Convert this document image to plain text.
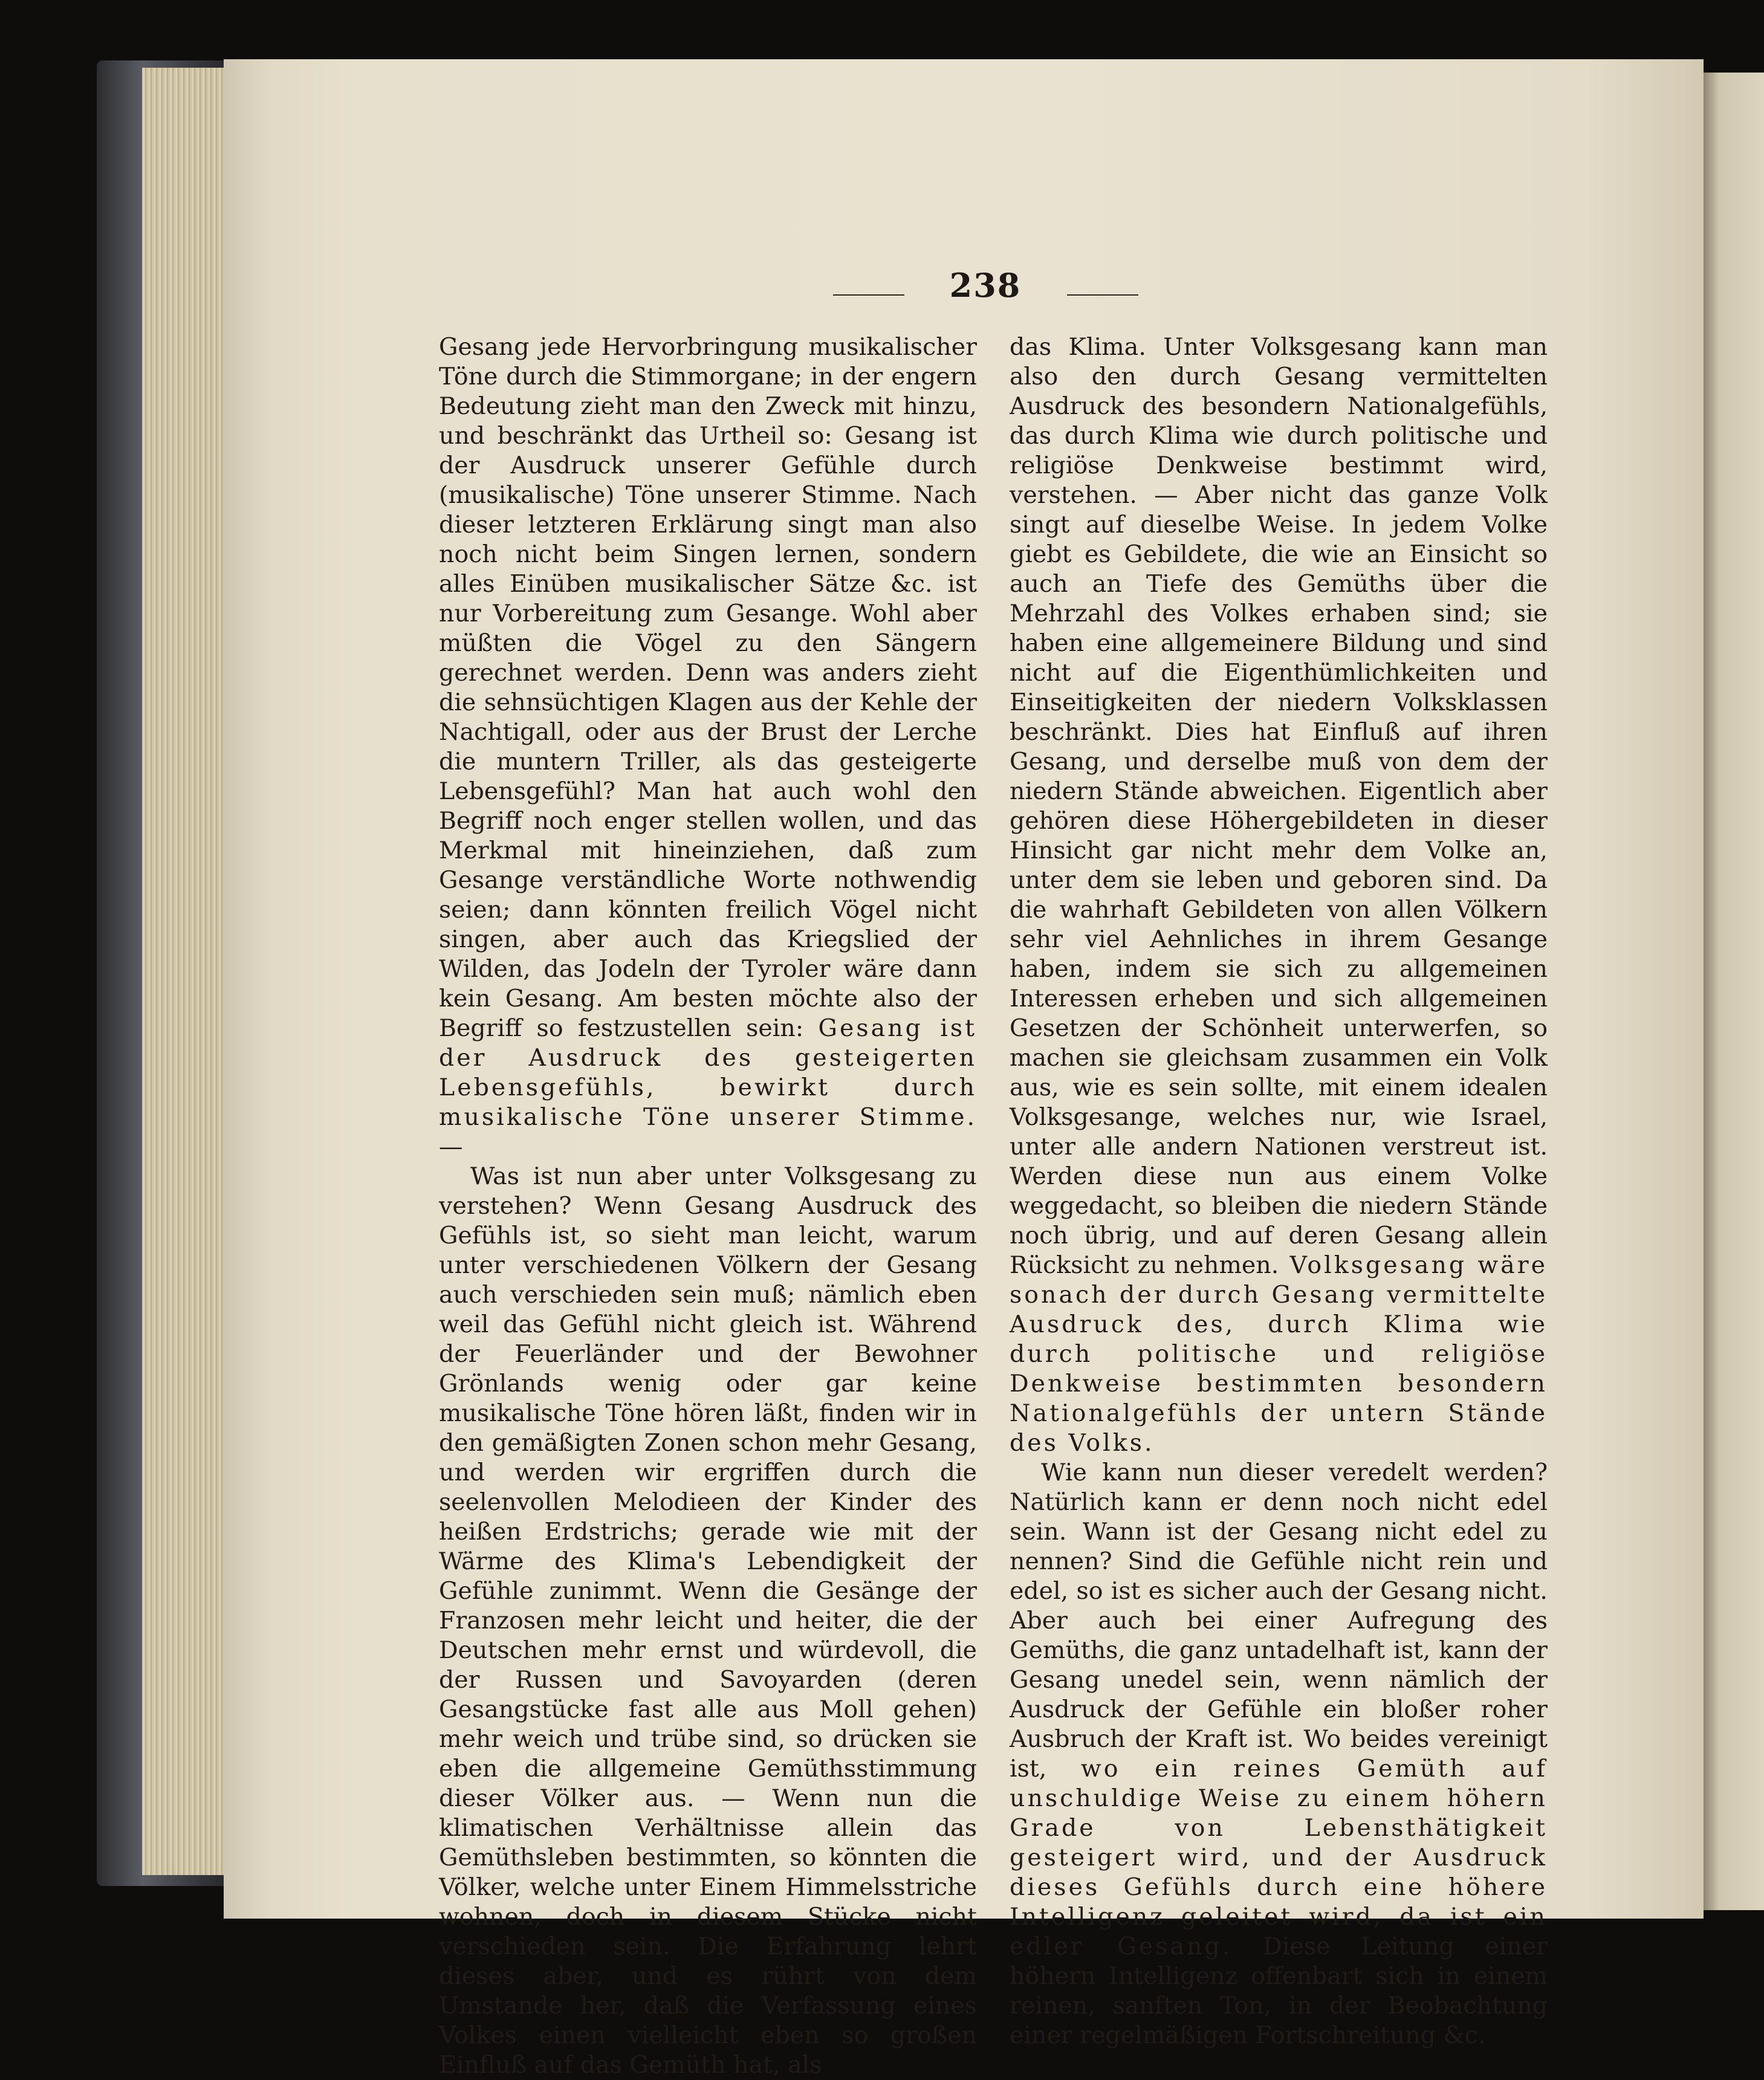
238

Gesang jede Hervorbringung musikalischer Töne durch die Stimmorgane; in der engern Bedeutung zieht man den Zweck mit hinzu, und beschränkt das Urtheil so: Gesang ist der Ausdruck unserer Gefühle durch (musikalische) Töne unserer Stimme. Nach dieser letzteren Erklärung singt man also noch nicht beim Singen lernen, sondern alles Einüben musikalischer Sätze &c. ist nur Vorbereitung zum Gesange. Wohl aber müßten die Vögel zu den Sängern gerechnet werden. Denn was anders zieht die sehnsüchtigen Klagen aus der Kehle der Nachtigall, oder aus der Brust der Lerche die muntern Triller, als das gesteigerte Lebensgefühl? Man hat auch wohl den Begriff noch enger stellen wollen, und das Merkmal mit hineinziehen, daß zum Gesange verständliche Worte nothwendig seien; dann könnten freilich Vögel nicht singen, aber auch das Kriegslied der Wilden, das Jodeln der Tyroler wäre dann kein Gesang. Am besten möchte also der Begriff so festzustellen sein: Gesang ist der Ausdruck des gesteigerten Lebensgefühls, bewirkt durch musikalische Töne unserer Stimme. —

Was ist nun aber unter Volksgesang zu verstehen? Wenn Gesang Ausdruck des Gefühls ist, so sieht man leicht, warum unter verschiedenen Völkern der Gesang auch verschieden sein muß; nämlich eben weil das Gefühl nicht gleich ist. Während der Feuerländer und der Bewohner Grönlands wenig oder gar keine musikalische Töne hören läßt, finden wir in den gemäßigten Zonen schon mehr Gesang, und werden wir ergriffen durch die seelenvollen Melodieen der Kinder des heißen Erdstrichs; gerade wie mit der Wärme des Klima's Lebendigkeit der Gefühle zunimmt. Wenn die Gesänge der Franzosen mehr leicht und heiter, die der Deutschen mehr ernst und würdevoll, die der Russen und Savoyarden (deren Gesangstücke fast alle aus Moll gehen) mehr weich und trübe sind, so drücken sie eben die allgemeine Gemüthsstimmung dieser Völker aus. — Wenn nun die klimatischen Verhältnisse allein das Gemüthsleben bestimmten, so könnten die Völker, welche unter Einem Himmelsstriche wohnen, doch in diesem Stücke nicht verschieden sein. Die Erfahrung lehrt dieses aber, und es rührt von dem Umstande her, daß die Verfassung eines Volkes einen vielleicht eben so großen Einfluß auf das Gemüth hat, als

das Klima. Unter Volksgesang kann man also den durch Gesang vermittelten Ausdruck des besondern Nationalgefühls, das durch Klima wie durch politische und religiöse Denkweise bestimmt wird, verstehen. — Aber nicht das ganze Volk singt auf dieselbe Weise. In jedem Volke giebt es Gebildete, die wie an Einsicht so auch an Tiefe des Gemüths über die Mehrzahl des Volkes erhaben sind; sie haben eine allgemeinere Bildung und sind nicht auf die Eigenthümlichkeiten und Einseitigkeiten der niedern Volksklassen beschränkt. Dies hat Einfluß auf ihren Gesang, und derselbe muß von dem der niedern Stände abweichen. Eigentlich aber gehören diese Höhergebildeten in dieser Hinsicht gar nicht mehr dem Volke an, unter dem sie leben und geboren sind. Da die wahrhaft Gebildeten von allen Völkern sehr viel Aehnliches in ihrem Gesange haben, indem sie sich zu allgemeinen Interessen erheben und sich allgemeinen Gesetzen der Schönheit unterwerfen, so machen sie gleichsam zusammen ein Volk aus, wie es sein sollte, mit einem idealen Volksgesange, welches nur, wie Israel, unter alle andern Nationen verstreut ist. Werden diese nun aus einem Volke weggedacht, so bleiben die niedern Stände noch übrig, und auf deren Gesang allein Rücksicht zu nehmen. Volksgesang wäre sonach der durch Gesang vermittelte Ausdruck des, durch Klima wie durch politische und religiöse Denkweise bestimmten besondern Nationalgefühls der untern Stände des Volks.

Wie kann nun dieser veredelt werden? Natürlich kann er denn noch nicht edel sein. Wann ist der Gesang nicht edel zu nennen? Sind die Gefühle nicht rein und edel, so ist es sicher auch der Gesang nicht. Aber auch bei einer Aufregung des Gemüths, die ganz untadelhaft ist, kann der Gesang unedel sein, wenn nämlich der Ausdruck der Gefühle ein bloßer roher Ausbruch der Kraft ist. Wo beides vereinigt ist, wo ein reines Gemüth auf unschuldige Weise zu einem höhern Grade von Lebensthätigkeit gesteigert wird, und der Ausdruck dieses Gefühls durch eine höhere Intelligenz geleitet wird, da ist ein edler Gesang. Diese Leitung einer höhern Intelligenz offenbart sich in einem reinen, sanften Ton, in der Beobachtung einer regelmäßigen Fortschreitung &c.
